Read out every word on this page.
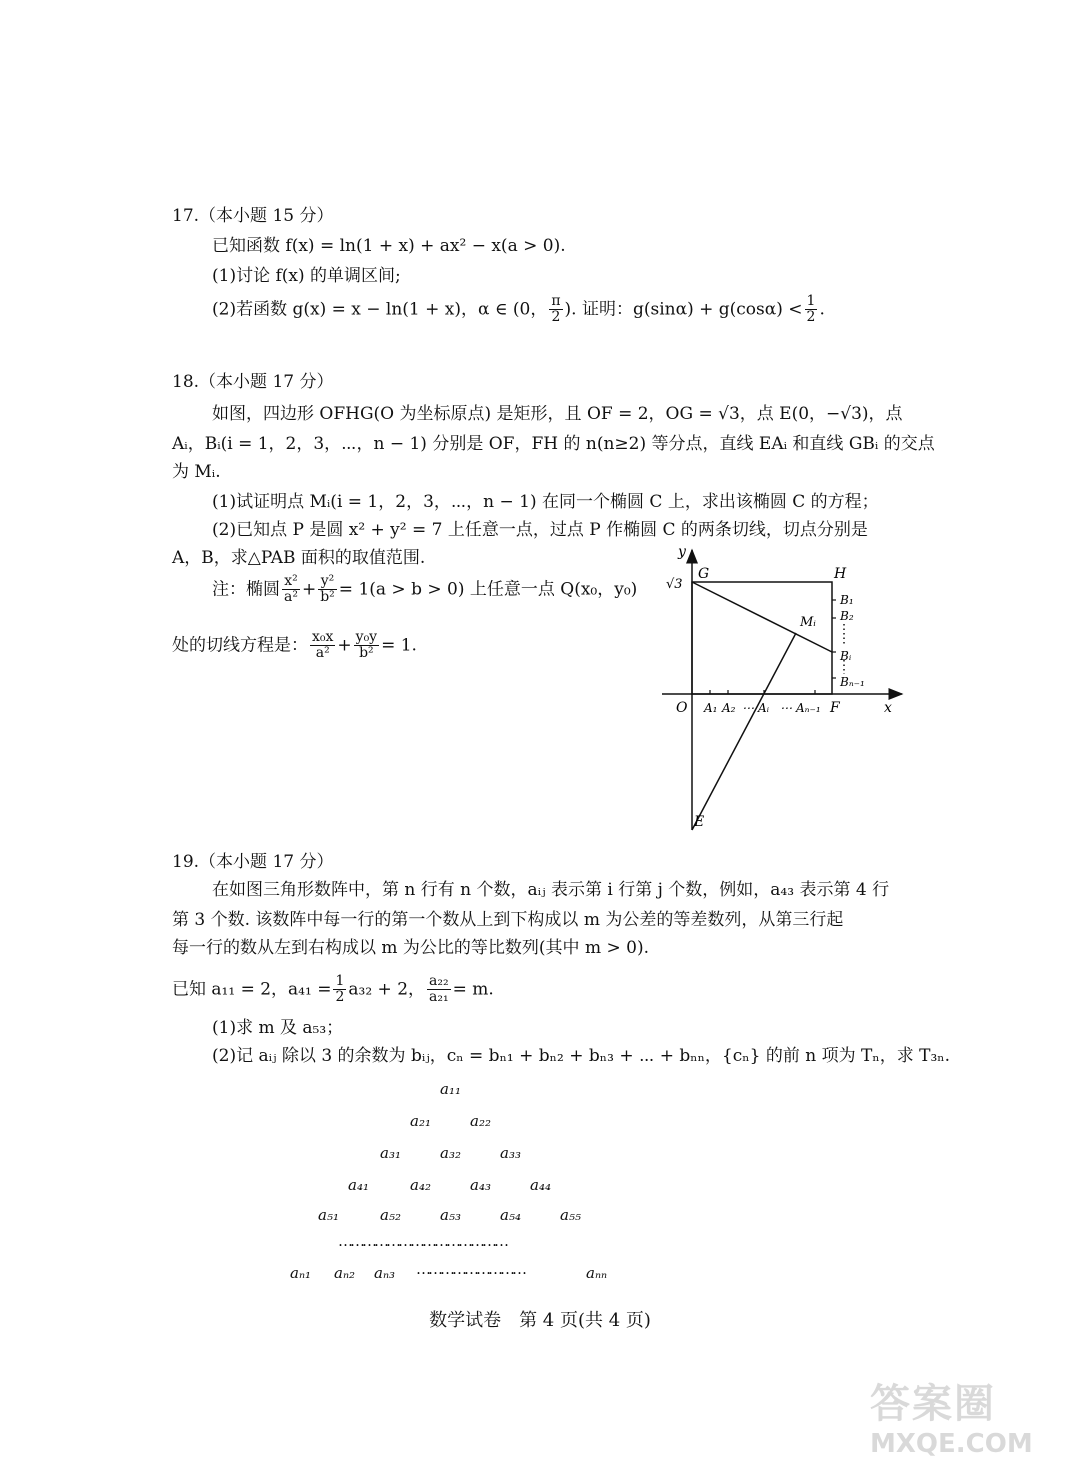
17.（本小题 15 分）
已知函数 f(x) = ln(1 + x) + ax² − x(a > 0).
(1)讨论 f(x) 的单调区间;
(2)若函数 g(x) = x − ln(1 + x)，α ∈ (0， $\frac{\pi}{2}$ ). 证明：$g(\sin\alpha) + g(\cos\alpha) < \frac{1}{2}$ .
18.（本小题 17 分）
如图，四边形 OFHG(O 为坐标原点) 是矩形，且 OF = 2，OG = √3，点 E(0，−√3)，点
Aᵢ，Bᵢ(i = 1，2，3，⋯，n − 1) 分别是 OF，FH 的 n(n≥2) 等分点，直线 EAᵢ 和直线 GBᵢ 的交点
为 Mᵢ.
(1)试证明点 Mᵢ(i = 1，2，3，⋯，n − 1) 在同一个椭圆 C 上，求出该椭圆 C 的方程；
(2)已知点 P 是圆 x² + y² = 7 上任意一点，过点 P 作椭圆 C 的两条切线，切点分别是
A，B，求△PAB 面积的取值范围.
注：椭圆 $\frac{\text{x²}}{\text{a²}} + \frac{\text{y²}}{\text{b²}} = 1(a > b > 0)$ 上任意一点 Q(x₀，y₀)
处的切线方程是： $\frac{\text{x₀x}}{\text{a²}} + \frac{\text{y₀y}}{\text{b²}} = 1$.
y
x
√3
G	H
O	F
E
Mᵢ
B₁
B₂
Bᵢ
Bₙ₋₁
A₁ A₂ ⋯ Aᵢ ⋯ Aₙ₋₁
19.（本小题 17 分）
在如图三角形数阵中，第 n 行有 n 个数，aᵢⱼ 表示第 i 行第 j 个数，例如，a₄₃ 表示第 4 行
第 3 个数. 该数阵中每一行的第一个数从上到下构成以 m 为公差的等差数列，从第三行起
每一行的数从左到右构成以 m 为公比的等比数列(其中 m > 0).
已知 a₁₁ = 2，$a_{41} = \frac{1}{2} a_{32} + 2$， $\frac{\text{a₂₂}}{\text{a₂₁}} = m$.
(1)求 m 及 a₅₃；
(2)记 aᵢⱼ 除以 3 的余数为 bᵢⱼ，cₙ = bₙ₁ + bₙ₂ + bₙ₃ + ⋯ + bₙₙ，{cₙ} 的前 n 项为 Tₙ，求 T₃ₙ.
a₁₁
a₂₁	a₂₂
a₃₁	a₃₂	a₃₃
a₄₁	a₄₂	a₄₃	a₄₄
a₅₁	a₅₂	a₅₃	a₅₄	a₅₅
……………………………………
aₙ₁ aₙ₂ aₙ₃ ………………………	aₙₙ
数学试卷　第 4 页(共 4 页)
答案圈
MXQE.COM
